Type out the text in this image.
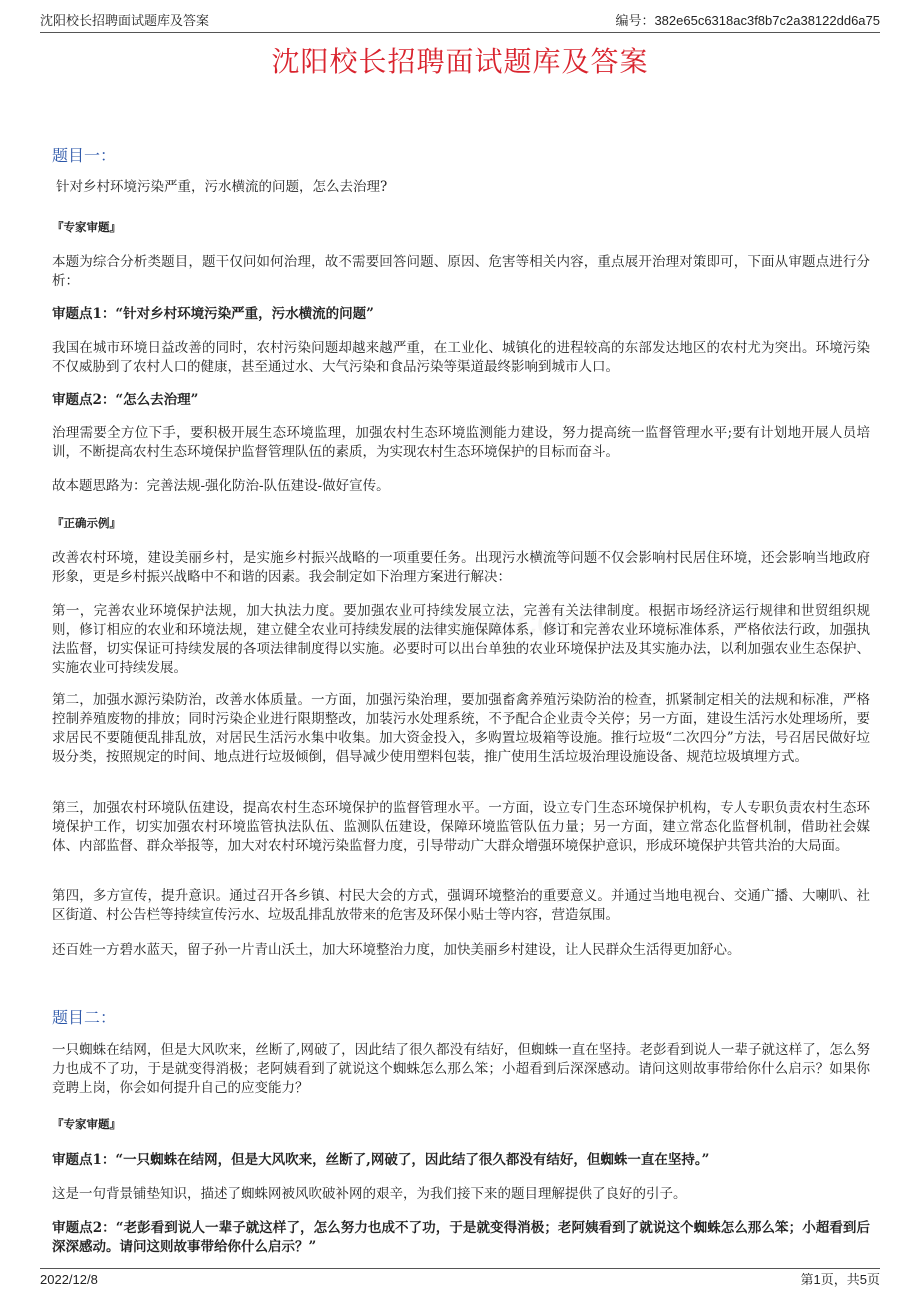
沈阳校长招聘面试题库及答案	编号：382e65c6318ac3f8b7c2a38122dd6a75
沈阳校长招聘面试题库及答案
题目一：

针对乡村环境污染严重，污水横流的问题，怎么去治理?

『专家审题』

本题为综合分析类题目，题干仅问如何治理，故不需要回答问题、原因、危害等相关内容，重点展开治理对策即可，下面从审题点进行分析：

审题点1：“针对乡村环境污染严重，污水横流的问题”

我国在城市环境日益改善的同时，农村污染问题却越来越严重，在工业化、城镇化的进程较高的东部发达地区的农村尤为突出。环境污染不仅威胁到了农村人口的健康，甚至通过水、大气污染和食品污染等渠道最终影响到城市人口。

审题点2：“怎么去治理”

治理需要全方位下手，要积极开展生态环境监理，加强农村生态环境监测能力建设，努力提高统一监督管理水平;要有计划地开展人员培训，不断提高农村生态环境保护监督管理队伍的素质，为实现农村生态环境保护的目标而奋斗。

故本题思路为：完善法规-强化防治-队伍建设-做好宣传。

『正确示例』

改善农村环境，建设美丽乡村，是实施乡村振兴战略的一项重要任务。出现污水横流等问题不仅会影响村民居住环境，还会影响当地政府形象，更是乡村振兴战略中不和谐的因素。我会制定如下治理方案进行解决：

第一，完善农业环境保护法规，加大执法力度。要加强农业可持续发展立法，完善有关法律制度。根据市场经济运行规律和世贸组织规则，修订相应的农业和环境法规，建立健全农业可持续发展的法律实施保障体系，修订和完善农业环境标准体系，严格依法行政，加强执法监督，切实保证可持续发展的各项法律制度得以实施。必要时可以出台单独的农业环境保护法及其实施办法，以利加强农业生态保护、实施农业可持续发展。

第二，加强水源污染防治，改善水体质量。一方面，加强污染治理，要加强畜禽养殖污染防治的检查，抓紧制定相关的法规和标准，严格控制养殖废物的排放；同时污染企业进行限期整改，加装污水处理系统，不予配合企业责令关停；另一方面，建设生活污水处理场所，要求居民不要随便乱排乱放，对居民生活污水集中收集。加大资金投入，多购置垃圾箱等设施。推行垃圾“二次四分”方法，号召居民做好垃圾分类，按照规定的时间、地点进行垃圾倾倒，倡导减少使用塑料包装，推广使用生活垃圾治理设施设备、规范垃圾填埋方式。

第三，加强农村环境队伍建设，提高农村生态环境保护的监督管理水平。一方面，设立专门生态环境保护机构，专人专职负责农村生态环境保护工作，切实加强农村环境监管执法队伍、监测队伍建设，保障环境监管队伍力量；另一方面，建立常态化监督机制，借助社会媒体、内部监督、群众举报等，加大对农村环境污染监督力度，引导带动广大群众增强环境保护意识，形成环境保护共管共治的大局面。

第四，多方宣传，提升意识。通过召开各乡镇、村民大会的方式，强调环境整治的重要意义。并通过当地电视台、交通广播、大喇叭、社区街道、村公告栏等持续宣传污水、垃圾乱排乱放带来的危害及环保小贴士等内容，营造氛围。

还百姓一方碧水蓝天，留子孙一片青山沃土，加大环境整治力度，加快美丽乡村建设，让人民群众生活得更加舒心。

题目二：

一只蜘蛛在结网，但是大风吹来，丝断了,网破了，因此结了很久都没有结好，但蜘蛛一直在坚持。老彭看到说人一辈子就这样了，怎么努力也成不了功，于是就变得消极；老阿姨看到了就说这个蜘蛛怎么那么笨；小超看到后深深感动。请问这则故事带给你什么启示？如果你竞聘上岗，你会如何提升自己的应变能力？

『专家审题』

审题点1：“一只蜘蛛在结网，但是大风吹来，丝断了,网破了，因此结了很久都没有结好，但蜘蛛一直在坚持。”

这是一句背景铺垫知识，描述了蜘蛛网被风吹破补网的艰辛，为我们接下来的题目理解提供了良好的引子。

审题点2：“老彭看到说人一辈子就这样了，怎么努力也成不了功，于是就变得消极；老阿姨看到了就说这个蜘蛛怎么那么笨；小超看到后深深感动。请问这则故事带给你什么启示？”

2022/12/8	第1页，共5页
